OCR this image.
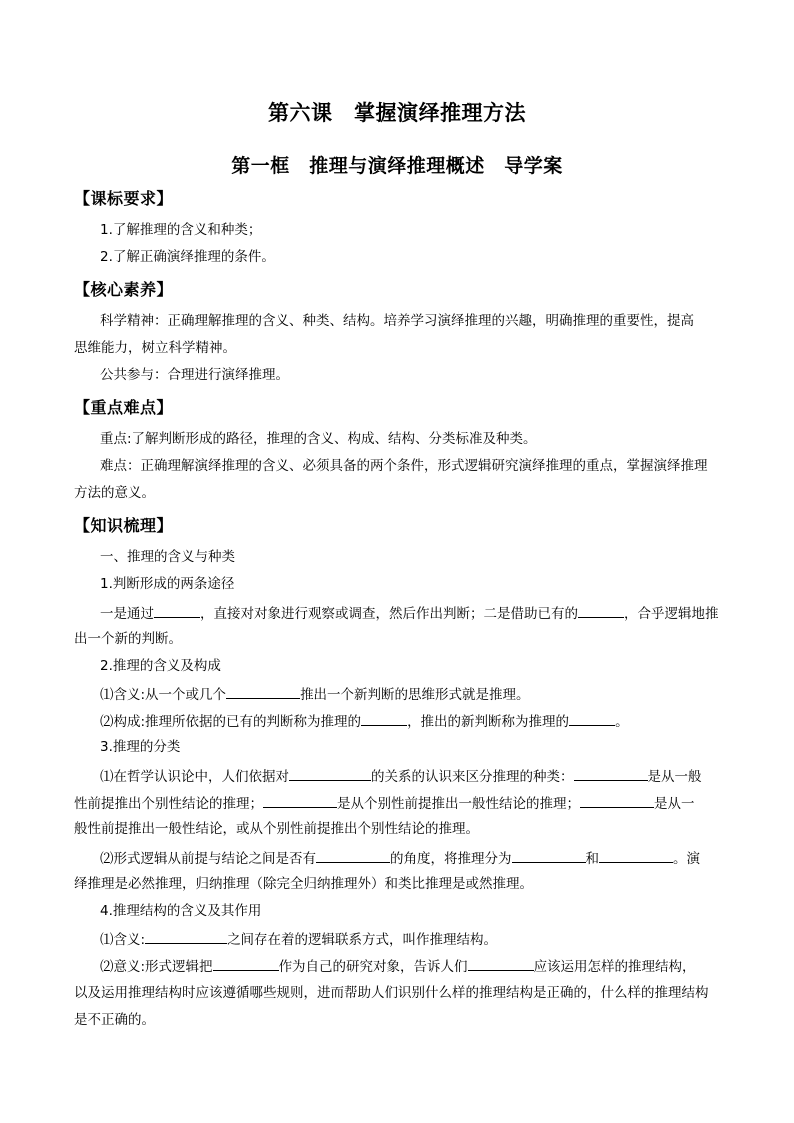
第六课　掌握演绎推理方法
第一框　推理与演绎推理概述　导学案
【课标要求】
1.了解推理的含义和种类；
2.了解正确演绎推理的条件。
【核心素养】
科学精神：正确理解推理的含义、种类、结构。培养学习演绎推理的兴趣，明确推理的重要性，提高
思维能力，树立科学精神。
公共参与：合理进行演绎推理。
【重点难点】
重点:了解判断形成的路径，推理的含义、构成、结构、分类标准及种类。
难点：正确理解演绎推理的含义、必须具备的两个条件，形式逻辑研究演绎推理的重点，掌握演绎推理
方法的意义。
【知识梳理】
一、推理的含义与种类
1.判断形成的两条途径
一是通过	，直接对对象进行观察或调查，然后作出判断；二是借助已有的	，合乎逻辑地推
出一个新的判断。
2.推理的含义及构成
⑴含义:从一个或几个	推出一个新判断的思维形式就是推理。
⑵构成:推理所依据的已有的判断称为推理的	，推出的新判断称为推理的	。
3.推理的分类
⑴在哲学认识论中，人们依据对	的关系的认识来区分推理的种类：	是从一般
性前提推出个别性结论的推理；	是从个别性前提推出一般性结论的推理；	是从一
般性前提推出一般性结论，或从个别性前提推出个别性结论的推理。
⑵形式逻辑从前提与结论之间是否有	的角度，将推理分为	和	。演
绎推理是必然推理，归纳推理（除完全归纳推理外）和类比推理是或然推理。
4.推理结构的含义及其作用
⑴含义:	之间存在着的逻辑联系方式，叫作推理结构。
⑵意义:形式逻辑把	作为自己的研究对象，告诉人们	应该运用怎样的推理结构，
以及运用推理结构时应该遵循哪些规则，进而帮助人们识别什么样的推理结构是正确的，什么样的推理结构
是不正确的。
